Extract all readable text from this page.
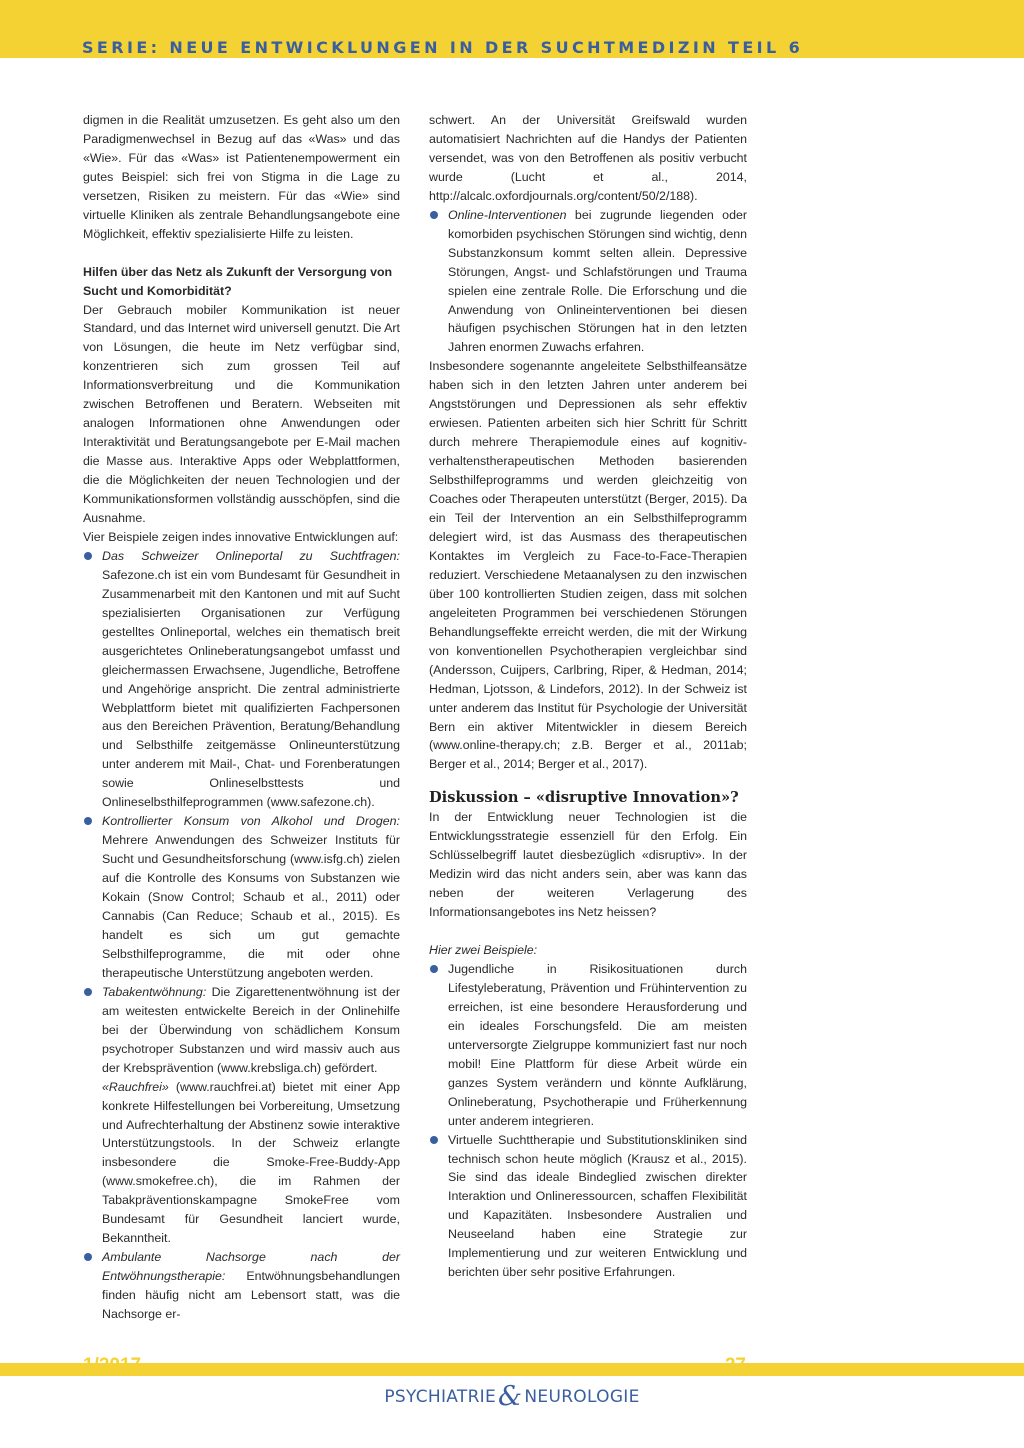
SERIE: NEUE ENTWICKLUNGEN IN DER SUCHTMEDIZIN TEIL 6

digmen in die Realität umzusetzen. Es geht also um den Paradigmenwechsel in Bezug auf das «Was» und das «Wie». Für das «Was» ist Patientenempowerment ein gutes Beispiel: sich frei von Stigma in die Lage zu versetzen, Risiken zu meistern. Für das «Wie» sind virtuelle Kliniken als zentrale Behandlungsangebote eine Möglichkeit, effektiv spezialisierte Hilfe zu leisten.

Hilfen über das Netz als Zukunft der Versorgung von Sucht und Komorbidität?

Der Gebrauch mobiler Kommunikation ist neuer Standard, und das Internet wird universell genutzt. Die Art von Lösungen, die heute im Netz verfügbar sind, konzentrieren sich zum grossen Teil auf Informationsverbreitung und die Kommunikation zwischen Betroffenen und Beratern. Webseiten mit analogen Informationen ohne Anwendungen oder Interaktivität und Beratungsangebote per E-Mail machen die Masse aus. Interaktive Apps oder Webplattformen, die die Möglichkeiten der neuen Technologien und der Kommunikationsformen vollständig ausschöpfen, sind die Ausnahme.

Vier Beispiele zeigen indes innovative Entwicklungen auf:

Das Schweizer Onlineportal zu Suchtfragen: Safezone.ch ist ein vom Bundesamt für Gesundheit in Zusammenarbeit mit den Kantonen und mit auf Sucht spezialisierten Organisationen zur Verfügung gestelltes Onlineportal, welches ein thematisch breit ausgerichtetes Onlineberatungsangebot umfasst und gleichermassen Erwachsene, Jugendliche, Betroffene und Angehörige anspricht. Die zentral administrierte Webplattform bietet mit qualifizierten Fachpersonen aus den Bereichen Prävention, Beratung/Behandlung und Selbsthilfe zeitgemässe Onlineunterstützung unter anderem mit Mail-, Chat- und Forenberatungen sowie Onlineselbsttests und Onlineselbsthilfeprogrammen (www.safezone.ch).
Kontrollierter Konsum von Alkohol und Drogen: Mehrere Anwendungen des Schweizer Instituts für Sucht und Gesundheitsforschung (www.isfg.ch) zielen auf die Kontrolle des Konsums von Substanzen wie Kokain (Snow Control; Schaub et al., 2011) oder Cannabis (Can Reduce; Schaub et al., 2015). Es handelt es sich um gut gemachte Selbsthilfeprogramme, die mit oder ohne therapeutische Unterstützung angeboten werden.
Tabakentwöhnung: Die Zigarettenentwöhnung ist der am weitesten entwickelte Bereich in der Onlinehilfe bei der Überwindung von schädlichem Konsum psychotroper Substanzen und wird massiv auch aus der Krebsprävention (www.krebsliga.ch) gefördert.
«Rauchfrei» (www.rauchfrei.at) bietet mit einer App konkrete Hilfestellungen bei Vorbereitung, Umsetzung und Aufrechterhaltung der Abstinenz sowie interaktive Unterstützungstools. In der Schweiz erlangte insbesondere die Smoke-Free-Buddy-App (www.smokefree.ch), die im Rahmen der Tabakpräventionskampagne SmokeFree vom Bundesamt für Gesundheit lanciert wurde, Bekanntheit.
Ambulante Nachsorge nach der Entwöhnungstherapie: Entwöhnungsbehandlungen finden häufig nicht am Lebensort statt, was die Nachsorge er-

schwert. An der Universität Greifswald wurden automatisiert Nachrichten auf die Handys der Patienten versendet, was von den Betroffenen als positiv verbucht wurde (Lucht et al., 2014, http://alcalc.oxfordjournals.org/content/50/2/188).

Online-Interventionen bei zugrunde liegenden oder komorbiden psychischen Störungen sind wichtig, denn Substanzkonsum kommt selten allein. Depressive Störungen, Angst- und Schlafstörungen und Trauma spielen eine zentrale Rolle. Die Erforschung und die Anwendung von Onlineinterventionen bei diesen häufigen psychischen Störungen hat in den letzten Jahren enormen Zuwachs erfahren.

Insbesondere sogenannte angeleitete Selbsthilfeansätze haben sich in den letzten Jahren unter anderem bei Angststörungen und Depressionen als sehr effektiv erwiesen. Patienten arbeiten sich hier Schritt für Schritt durch mehrere Therapiemodule eines auf kognitiv-verhaltenstherapeutischen Methoden basierenden Selbsthilfeprogramms und werden gleichzeitig von Coaches oder Therapeuten unterstützt (Berger, 2015). Da ein Teil der Intervention an ein Selbsthilfeprogramm delegiert wird, ist das Ausmass des therapeutischen Kontaktes im Vergleich zu Face-to-Face-Therapien reduziert. Verschiedene Metaanalysen zu den inzwischen über 100 kontrollierten Studien zeigen, dass mit solchen angeleiteten Programmen bei verschiedenen Störungen Behandlungseffekte erreicht werden, die mit der Wirkung von konventionellen Psychotherapien vergleichbar sind (Andersson, Cuijpers, Carlbring, Riper, & Hedman, 2014; Hedman, Ljotsson, & Lindefors, 2012). In der Schweiz ist unter anderem das Institut für Psychologie der Universität Bern ein aktiver Mitentwickler in diesem Bereich (www.online-therapy.ch; z.B. Berger et al., 2011ab; Berger et al., 2014; Berger et al., 2017).

Diskussion – «disruptive Innovation»?

In der Entwicklung neuer Technologien ist die Entwicklungsstrategie essenziell für den Erfolg. Ein Schlüsselbegriff lautet diesbezüglich «disruptiv». In der Medizin wird das nicht anders sein, aber was kann das neben der weiteren Verlagerung des Informationsangebotes ins Netz heissen?

Hier zwei Beispiele:

Jugendliche in Risikosituationen durch Lifestyleberatung, Prävention und Frühintervention zu erreichen, ist eine besondere Herausforderung und ein ideales Forschungsfeld. Die am meisten unterversorgte Zielgruppe kommuniziert fast nur noch mobil! Eine Plattform für diese Arbeit würde ein ganzes System verändern und könnte Aufklärung, Onlineberatung, Psychotherapie und Früherkennung unter anderem integrieren.
Virtuelle Suchttherapie und Substitutionskliniken sind technisch schon heute möglich (Krausz et al., 2015). Sie sind das ideale Bindeglied zwischen direkter Interaktion und Onlineressourcen, schaffen Flexibilität und Kapazitäten. Insbesondere Australien und Neuseeland haben eine Strategie zur Implementierung und zur weiteren Entwicklung und berichten über sehr positive Erfahrungen.
1/2017	27
PSYCHIATRIE& NEUROLOGIE
